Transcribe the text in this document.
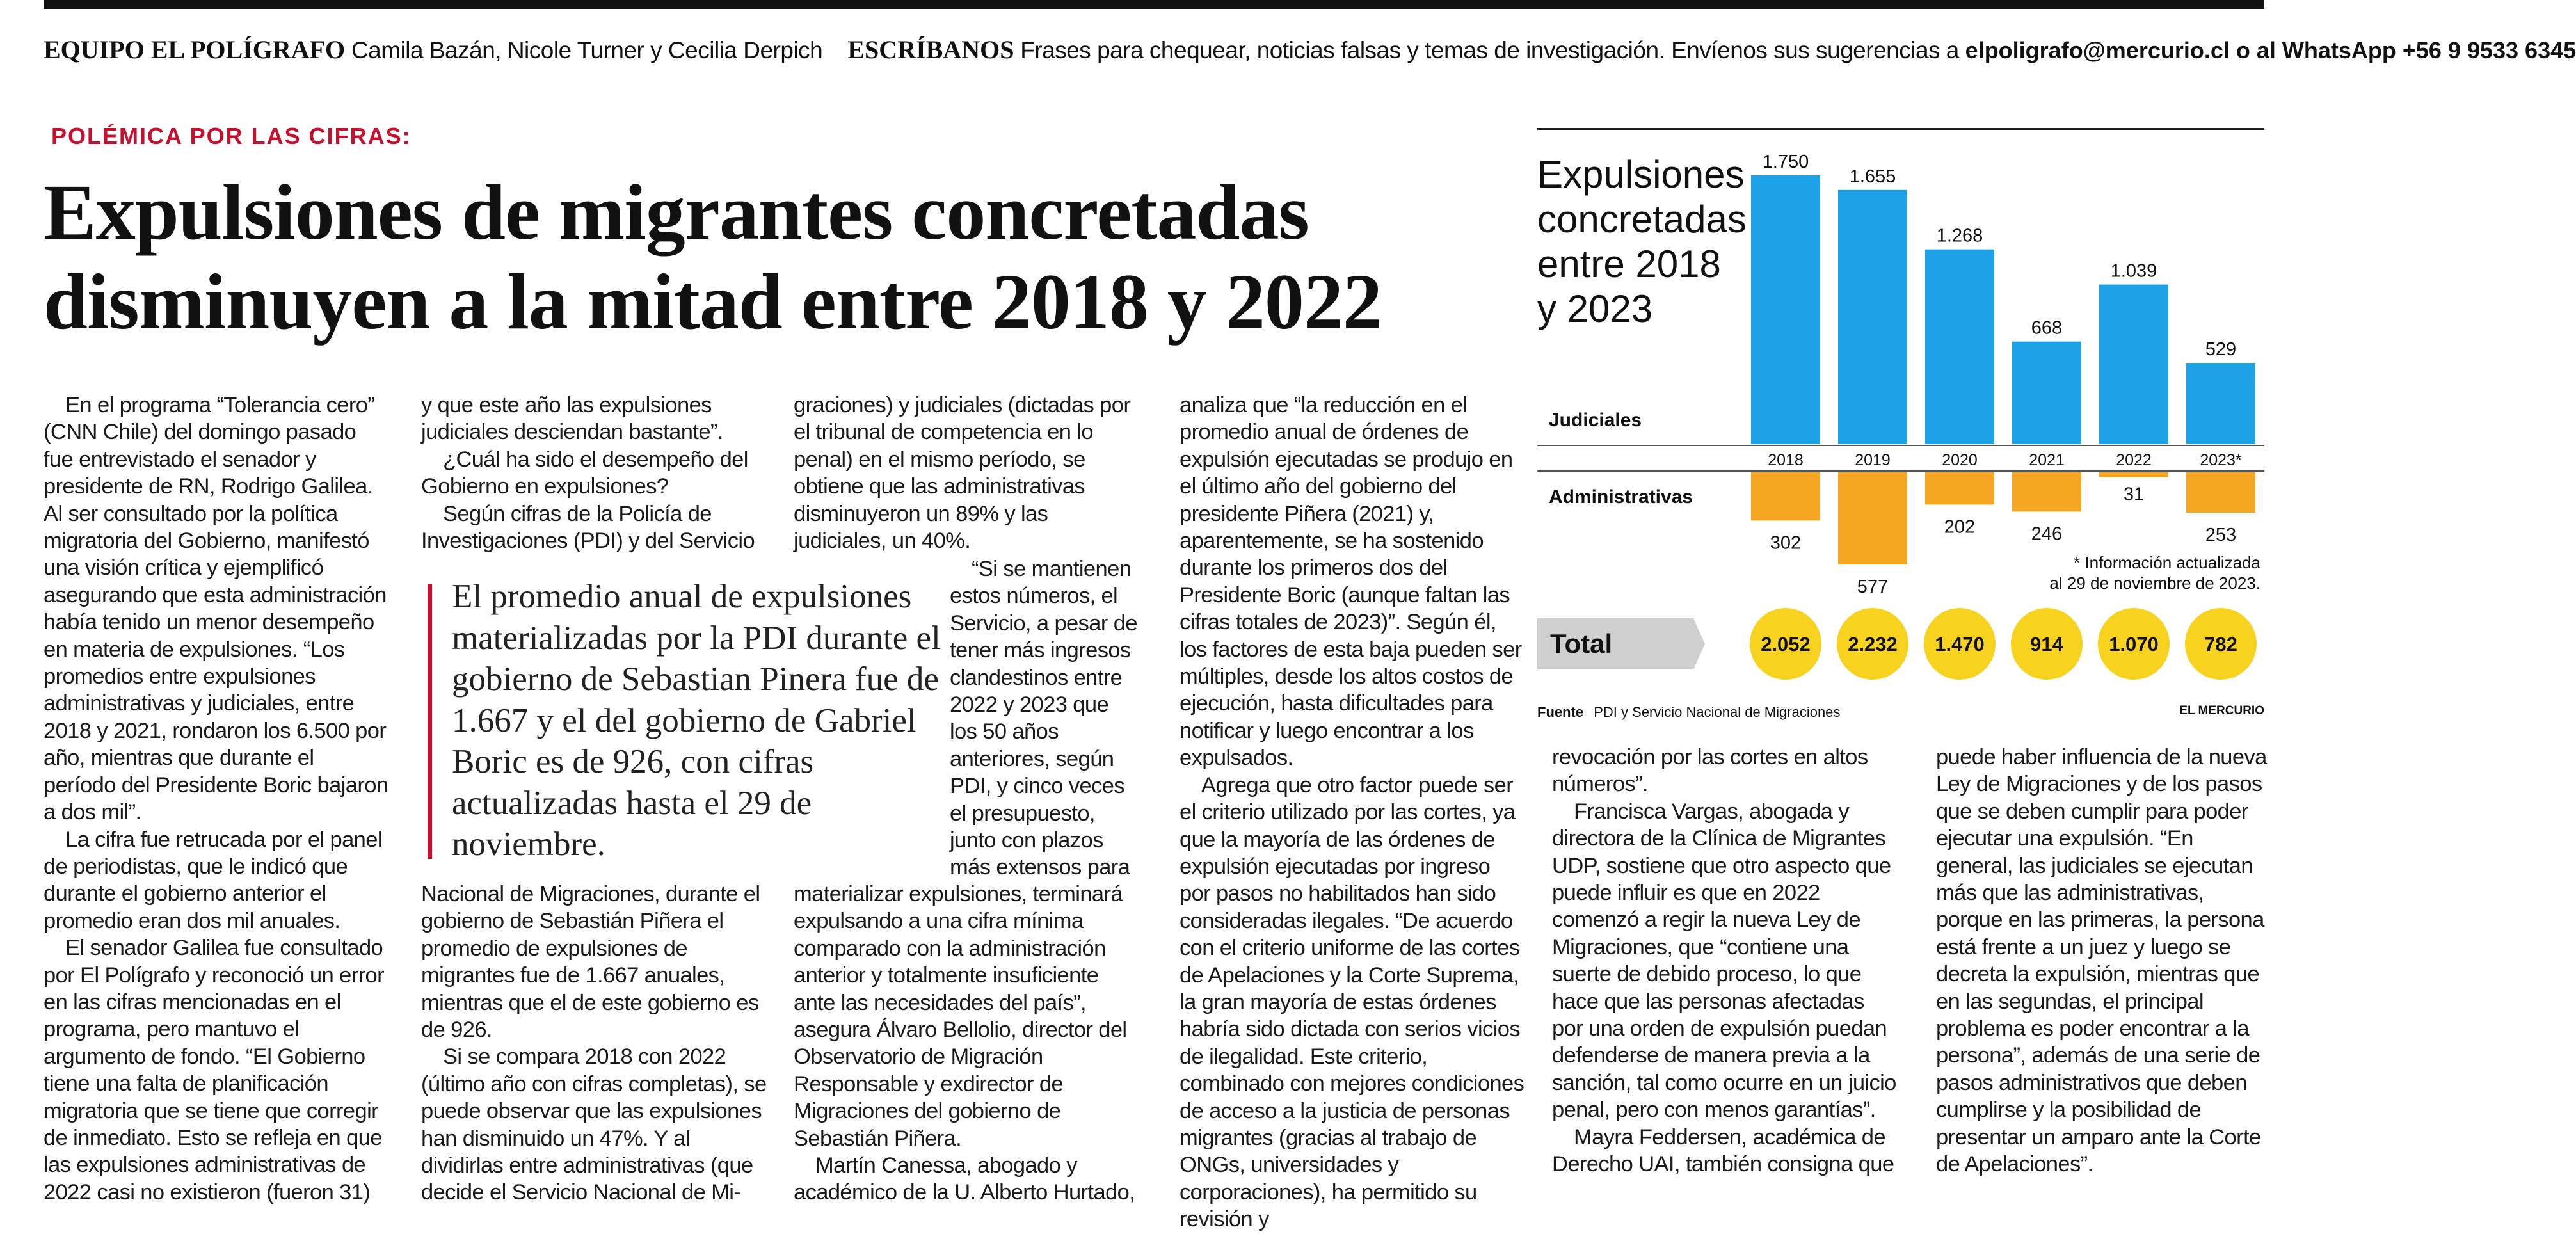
EQUIPO EL POLÍGRAFO Camila Bazán, Nicole Turner y Cecilia Derpich ESCRÍBANOS Frases para chequear, noticias falsas y temas de investigación. Envíenos sus sugerencias a elpoligrafo@mercurio.cl o al WhatsApp +56 9 9533 6345
POLÉMICA POR LAS CIFRAS:
Expulsiones de migrantes concretadas disminuyen a la mitad entre 2018 y 2022

En el programa “Tolerancia cero” (CNN Chile) del domingo pasado fue entrevistado el senador y presidente de RN, Rodrigo Galilea. Al ser consultado por la política migratoria del Gobierno, manifestó una visión crítica y ejemplificó asegurando que esta administración había tenido un menor desempeño en materia de expulsiones. “Los promedios entre expulsiones administrativas y judiciales, entre 2018 y 2021, rondaron los 6.500 por año, mientras que durante el período del Presidente Boric bajaron a dos mil”.

La cifra fue retrucada por el panel de periodistas, que le indicó que durante el gobierno anterior el promedio eran dos mil anuales.

El senador Galilea fue consultado por El Polígrafo y reconoció un error en las cifras mencionadas en el programa, pero mantuvo el argumento de fondo. “El Gobierno tiene una falta de planificación migratoria que se tiene que corregir de inmediato. Esto se refleja en que las expulsiones administrativas de 2022 casi no existieron (fueron 31)

y que este año las expulsiones judiciales desciendan bastante”.

¿Cuál ha sido el desempeño del Gobierno en expulsiones?

Según cifras de la Policía de Investigaciones (PDI) y del Servicio

El promedio anual de expulsiones materializadas por la PDI durante el gobierno de Sebastian Pinera fue de 1.667 y el del gobierno de Gabriel Boric es de 926, con cifras actualizadas hasta el 29 de noviembre.

Nacional de Migraciones, durante el gobierno de Sebastián Piñera el promedio de expulsiones de migrantes fue de 1.667 anuales, mientras que el de este gobierno es de 926.

Si se compara 2018 con 2022 (último año con cifras completas), se puede observar que las expulsiones han disminuido un 47%. Y al dividirlas entre administrativas (que decide el Servicio Nacional de Mi-

graciones) y judiciales (dictadas por el tribunal de competencia en lo penal) en el mismo período, se obtiene que las administrativas disminuyeron un 89% y las judiciales, un 40%.

“Si se mantienen estos números, el Servicio, a pesar de tener más ingresos clandestinos entre 2022 y 2023 que los 50 años anteriores, según PDI, y cinco veces el presupuesto, junto con plazos más extensos para

materializar expulsiones, terminará expulsando a una cifra mínima comparado con la administración anterior y totalmente insuficiente ante las necesidades del país”, asegura Álvaro Bellolio, director del Observatorio de Migración Responsable y exdirector de Migraciones del gobierno de Sebastián Piñera.

Martín Canessa, abogado y académico de la U. Alberto Hurtado,

analiza que “la reducción en el promedio anual de órdenes de expulsión ejecutadas se produjo en el último año del gobierno del presidente Piñera (2021) y, aparentemente, se ha sostenido durante los primeros dos del Presidente Boric (aunque faltan las cifras totales de 2023)”. Según él, los factores de esta baja pueden ser múltiples, desde los altos costos de ejecución, hasta dificultades para notificar y luego encontrar a los expulsados.

Agrega que otro factor puede ser el criterio utilizado por las cortes, ya que la mayoría de las órdenes de expulsión ejecutadas por ingreso por pasos no habilitados han sido consideradas ilegales. “De acuerdo con el criterio uniforme de las cortes de Apelaciones y la Corte Suprema, la gran mayoría de estas órdenes habría sido dictada con serios vicios de ilegalidad. Este criterio, combinado con mejores condiciones de acceso a la justicia de personas migrantes (gracias al trabajo de ONGs, universidades y corporaciones), ha permitido su revisión y

revocación por las cortes en altos números”.

Francisca Vargas, abogada y directora de la Clínica de Migrantes UDP, sostiene que otro aspecto que puede influir es que en 2022 comenzó a regir la nueva Ley de Migraciones, que “contiene una suerte de debido proceso, lo que hace que las personas afectadas por una orden de expulsión puedan defenderse de manera previa a la sanción, tal como ocurre en un juicio penal, pero con menos garantías”.

Mayra Feddersen, académica de Derecho UAI, también consigna que

puede haber influencia de la nueva Ley de Migraciones y de los pasos que se deben cumplir para poder ejecutar una expulsión. “En general, las judiciales se ejecutan más que las administrativas, porque en las primeras, la persona está frente a un juez y luego se decreta la expulsión, mientras que en las segundas, el principal problema es poder encontrar a la persona”, además de una serie de pasos administrativos que deben cumplirse y la posibilidad de presentar un amparo ante la Corte de Apelaciones”.

Judiciales
Administrativas
1.750
2018
302
2.052
1.655
2019
577
2.232
1.268
2020
202
1.470
668
2021
246
914
1.039
2022
31
1.070
529
2023*
253
782
* Información actualizada
al 29 de noviembre de 2023.
Total
Expulsiones concretadas entre 2018 y 2023
Fuente PDI y Servicio Nacional de Migraciones	EL MERCURIO
